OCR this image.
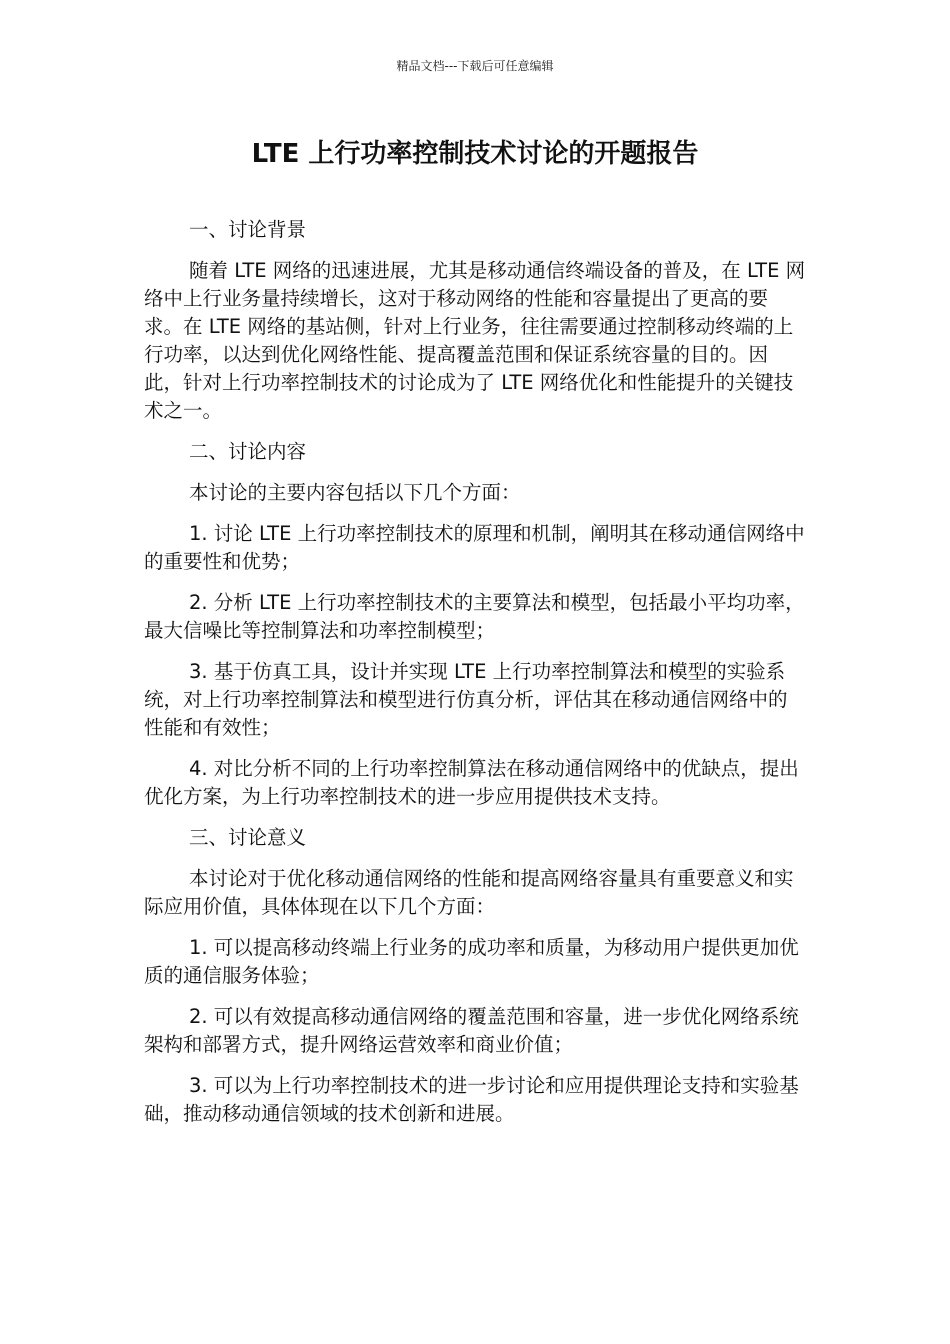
精品文档---下载后可任意编辑
LTE 上行功率控制技术讨论的开题报告

一、讨论背景

随着 LTE 网络的迅速进展，尤其是移动通信终端设备的普及，在 LTE 网络中上行业务量持续增长，这对于移动网络的性能和容量提出了更高的要求。在 LTE 网络的基站侧，针对上行业务，往往需要通过控制移动终端的上行功率，以达到优化网络性能、提高覆盖范围和保证系统容量的目的。因此，针对上行功率控制技术的讨论成为了 LTE 网络优化和性能提升的关键技术之一。

二、讨论内容

本讨论的主要内容包括以下几个方面：

1. 讨论 LTE 上行功率控制技术的原理和机制，阐明其在移动通信网络中的重要性和优势；

2. 分析 LTE 上行功率控制技术的主要算法和模型，包括最小平均功率，最大信噪比等控制算法和功率控制模型；

3. 基于仿真工具，设计并实现 LTE 上行功率控制算法和模型的实验系统，对上行功率控制算法和模型进行仿真分析，评估其在移动通信网络中的性能和有效性；

4. 对比分析不同的上行功率控制算法在移动通信网络中的优缺点，提出优化方案，为上行功率控制技术的进一步应用提供技术支持。

三、讨论意义

本讨论对于优化移动通信网络的性能和提高网络容量具有重要意义和实际应用价值，具体体现在以下几个方面：

1. 可以提高移动终端上行业务的成功率和质量，为移动用户提供更加优质的通信服务体验；

2. 可以有效提高移动通信网络的覆盖范围和容量，进一步优化网络系统架构和部署方式，提升网络运营效率和商业价值；

3. 可以为上行功率控制技术的进一步讨论和应用提供理论支持和实验基础，推动移动通信领域的技术创新和进展。
